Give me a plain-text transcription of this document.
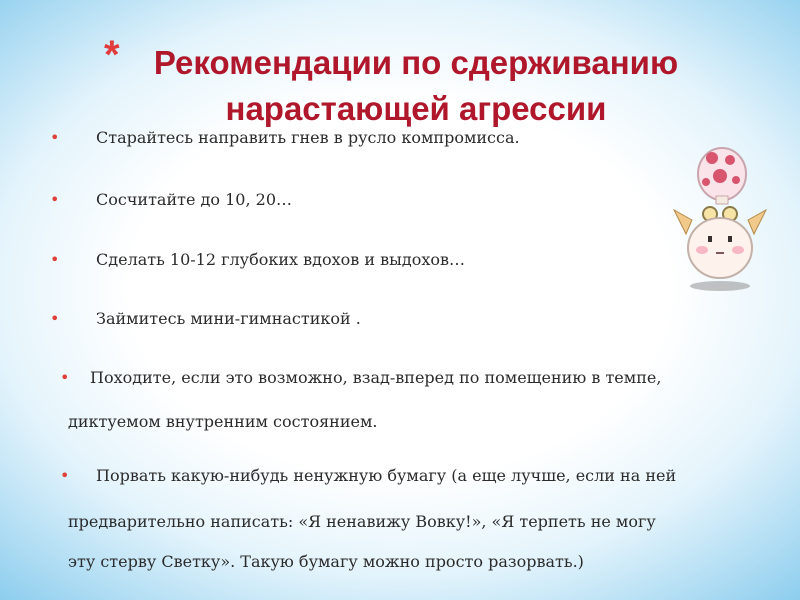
*	Рекомендации по сдерживанию
нарастающей агрессии
• Старайтесь направить гнев в русло компромисса.
• Сосчитайте до 10, 20…
• Сделать 10-12 глубоких вдохов и выдохов…
• Займитесь мини-гимнастикой .
• Походите, если это возможно, взад-вперед по помещению в темпе,
диктуемом внутренним состоянием.
• Порвать какую-нибудь ненужную бумагу (а еще лучше, если на ней
предварительно написать: «Я ненавижу Вовку!», «Я терпеть не могу
эту стерву Светку». Такую бумагу можно просто разорвать.)
